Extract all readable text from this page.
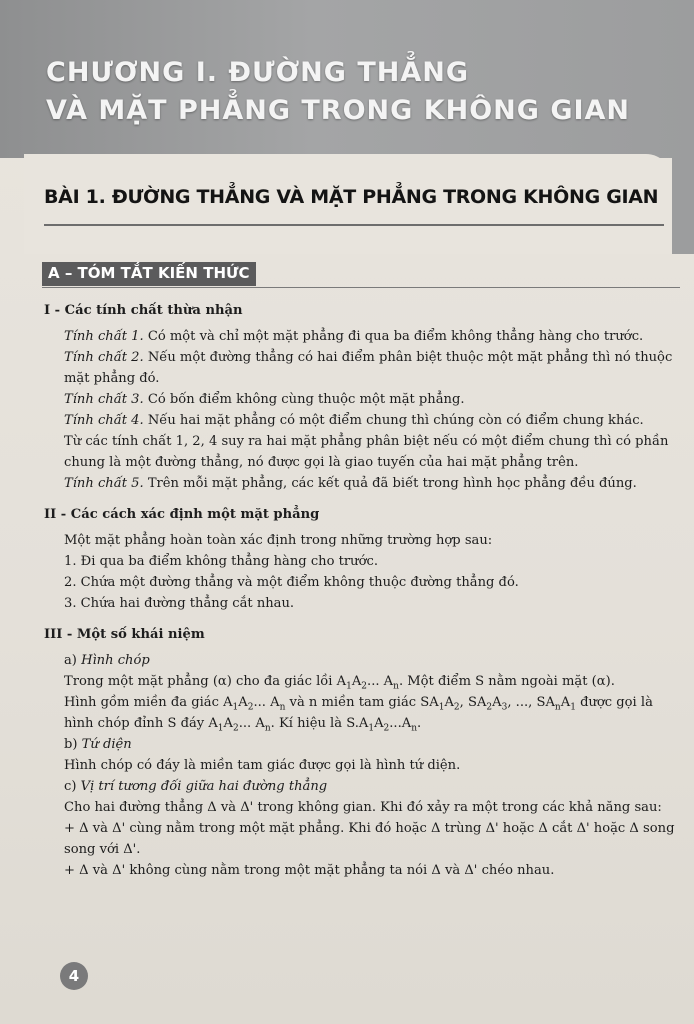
CHƯƠNG I. ĐƯỜNG THẲNG
VÀ MẶT PHẲNG TRONG KHÔNG GIAN
BÀI 1. ĐƯỜNG THẲNG VÀ MẶT PHẲNG TRONG KHÔNG GIAN
A – TÓM TẮT KIẾN THỨC

I - Các tính chất thừa nhận

Tính chất 1. Có một và chỉ một mặt phẳng đi qua ba điểm không thẳng hàng cho trước.

Tính chất 2. Nếu một đường thẳng có hai điểm phân biệt thuộc một mặt phẳng thì nó thuộc mặt phẳng đó.

Tính chất 3. Có bốn điểm không cùng thuộc một mặt phẳng.

Tính chất 4. Nếu hai mặt phẳng có một điểm chung thì chúng còn có điểm chung khác.

Từ các tính chất 1, 2, 4 suy ra hai mặt phẳng phân biệt nếu có một điểm chung thì có phần chung là một đường thẳng, nó được gọi là giao tuyến của hai mặt phẳng trên.

Tính chất 5. Trên mỗi mặt phẳng, các kết quả đã biết trong hình học phẳng đều đúng.

II - Các cách xác định một mặt phẳng

Một mặt phẳng hoàn toàn xác định trong những trường hợp sau:

1. Đi qua ba điểm không thẳng hàng cho trước.

2. Chứa một đường thẳng và một điểm không thuộc đường thẳng đó.

3. Chứa hai đường thẳng cắt nhau.

III - Một số khái niệm

a) Hình chóp

Trong một mặt phẳng (α) cho đa giác lồi $A_1A_2$... $A_n$. Một điểm S nằm ngoài mặt (α).

Hình gồm miền đa giác $A_1A_2$... $A_n$ và n miền tam giác $SA_1A_2$, $SA_2A_3$, ..., $SA_nA_1$ được gọi là hình chóp đỉnh S đáy $A_1A_2$... $A_n$. Kí hiệu là $S.A_1A_2...A_n$.

b) Tứ diện

Hình chóp có đáy là miền tam giác được gọi là hình tứ diện.

c) Vị trí tương đối giữa hai đường thẳng

Cho hai đường thẳng Δ và Δ' trong không gian. Khi đó xảy ra một trong các khả năng sau:

+ Δ và Δ' cùng nằm trong một mặt phẳng. Khi đó hoặc Δ trùng Δ' hoặc Δ cắt Δ' hoặc Δ song song với Δ'.

+ Δ và Δ' không cùng nằm trong một mặt phẳng ta nói Δ và Δ' chéo nhau.

4
